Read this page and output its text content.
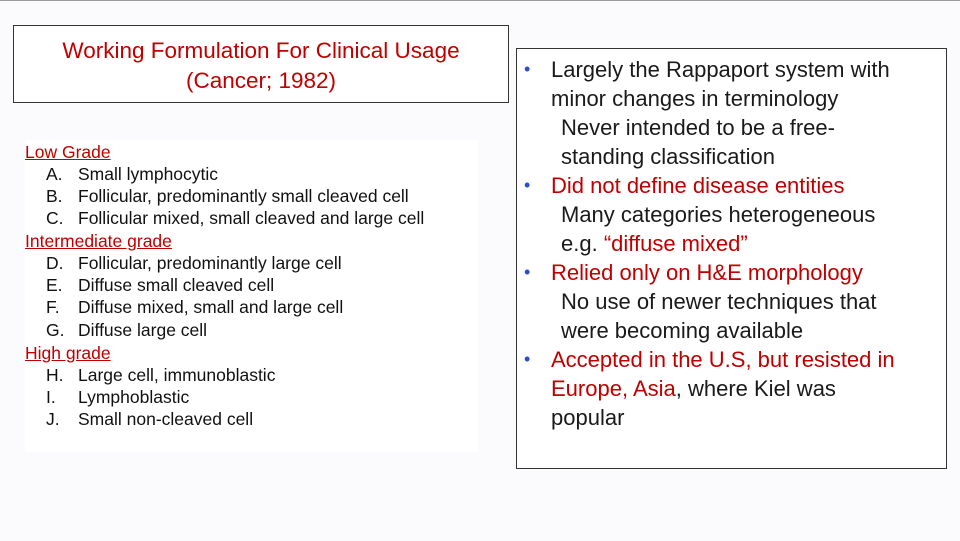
Working Formulation For Clinical Usage
(Cancer; 1982)
Low Grade
A. Small lymphocytic
B. Follicular, predominantly small cleaved cell
C. Follicular mixed, small cleaved and large cell
Intermediate grade
D. Follicular, predominantly large cell
E. Diffuse small cleaved cell
F. Diffuse mixed, small and large cell
G. Diffuse large cell
High grade
H. Large cell, immunoblastic
I. Lymphoblastic
J. Small non-cleaved cell
• Largely the Rappaport system with
minor changes in terminology
Never intended to be a free-
standing classification
• Did not define disease entities
Many categories heterogeneous
e.g. “diffuse mixed”
• Relied only on H&E morphology
No use of newer techniques that
were becoming available
• Accepted in the U.S, but resisted in
Europe, Asia, where Kiel was
popular
